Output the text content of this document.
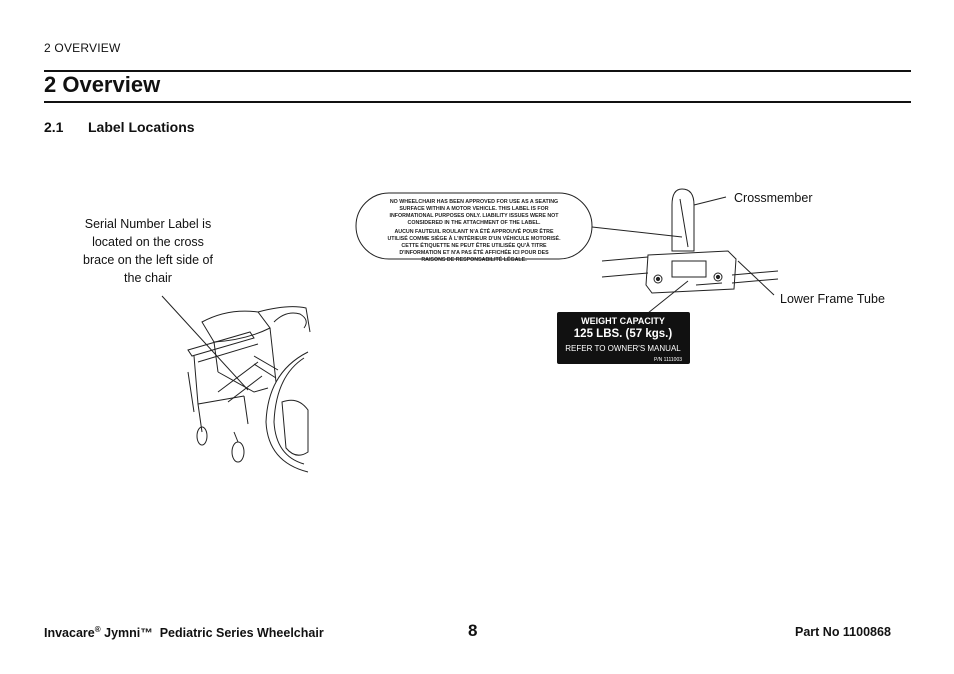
2 OVERVIEW
2 Overview
2.1 Label Locations
Serial Number Label is located on the cross brace on the left side of the chair
NO WHEELCHAIR HAS BEEN APPROVED FOR USE AS A SEATING
SURFACE WITHIN A MOTOR VEHICLE. THIS LABEL IS FOR
INFORMATIONAL PURPOSES ONLY. LIABILITY ISSUES WERE NOT
CONSIDERED IN THE ATTACHMENT OF THE LABEL.
AUCUN FAUTEUIL ROULANT N'A ÉTÉ APPROUVÉ POUR ÊTRE
UTILISÉ COMME SIÈGE À L'INTÉRIEUR D'UN VÉHICULE MOTORISÉ.
CETTE ÉTIQUETTE NE PEUT ÊTRE UTILISÉE QU'À TITRE
D'INFORMATION ET N'A PAS ÉTÉ AFFICHÉE ICI POUR DES
RAISONS DE RESPONSABILITÉ LÉGALE.
WEIGHT CAPACITY
125 LBS. (57 kgs.)
REFER TO OWNER'S MANUAL
P/N 1111003
Crossmember
Lower Frame Tube
Invacare® Jymni™ Pediatric Series Wheelchair	8	Part No 1100868
